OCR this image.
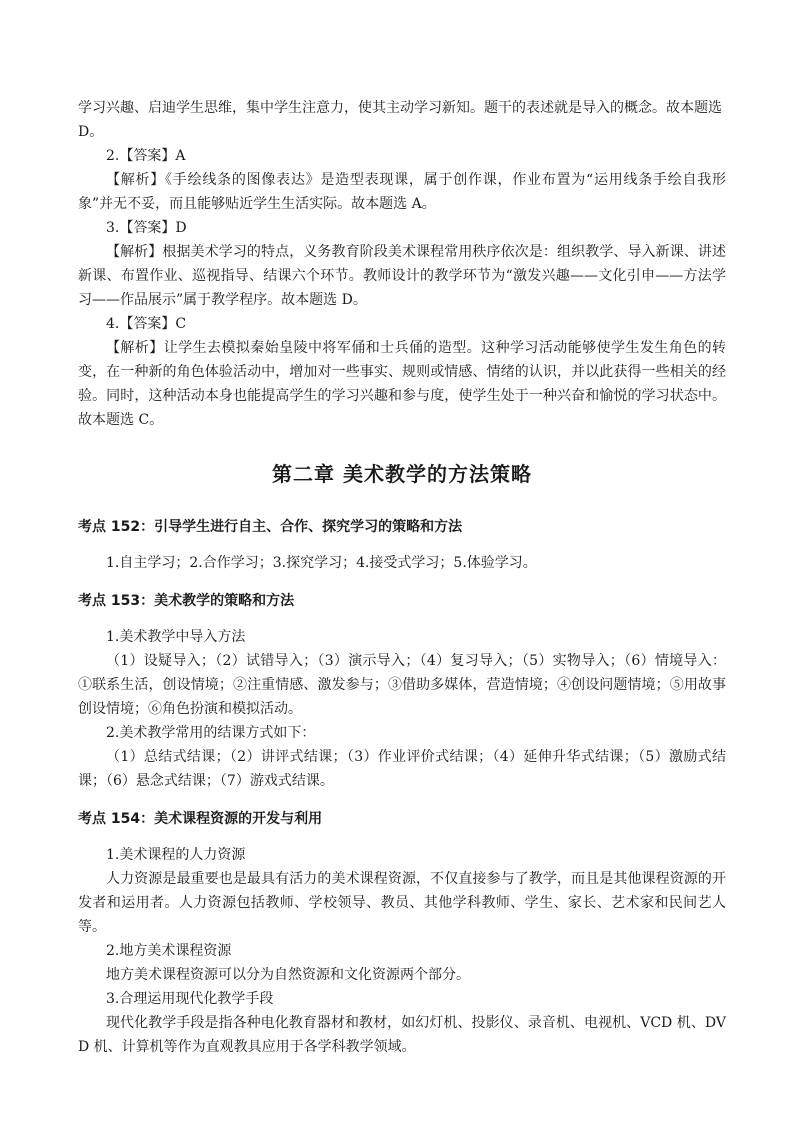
学习兴趣、启迪学生思维，集中学生注意力，使其主动学习新知。题干的表述就是导入的概念。故本题选

D。

2.【答案】A

【解析】《手绘线条的图像表达》是造型表现课，属于创作课，作业布置为“运用线条手绘自我形象”并无不妥，而且能够贴近学生生活实际。故本题选 A。

3.【答案】D

【解析】根据美术学习的特点，义务教育阶段美术课程常用秩序依次是：组织教学、导入新课、讲述新课、布置作业、巡视指导、结课六个环节。教师设计的教学环节为“激发兴趣——文化引申——方法学习——作品展示”属于教学程序。故本题选 D。

4.【答案】C

【解析】让学生去模拟秦始皇陵中将军俑和士兵俑的造型。这种学习活动能够使学生发生角色的转变，在一种新的角色体验活动中，增加对一些事实、规则或情感、情绪的认识，并以此获得一些相关的经验。同时，这种活动本身也能提高学生的学习兴趣和参与度，使学生处于一种兴奋和愉悦的学习状态中。故本题选 C。

第二章 美术教学的方法策略
考点 152：引导学生进行自主、合作、探究学习的策略和方法

1.自主学习；2.合作学习；3.探究学习；4.接受式学习；5.体验学习。

考点 153：美术教学的策略和方法

1.美术教学中导入方法

（1）设疑导入；（2）试错导入；（3）演示导入；（4）复习导入；（5）实物导入；（6）情境导入：①联系生活，创设情境；②注重情感、激发参与；③借助多媒体，营造情境；④创设问题情境；⑤用故事创设情境；⑥角色扮演和模拟活动。

2.美术教学常用的结课方式如下：

（1）总结式结课；（2）讲评式结课；（3）作业评价式结课；（4）延伸升华式结课；（5）激励式结课；（6）悬念式结课；（7）游戏式结课。

考点 154：美术课程资源的开发与利用

1.美术课程的人力资源

人力资源是最重要也是最具有活力的美术课程资源，不仅直接参与了教学，而且是其他课程资源的开发者和运用者。人力资源包括教师、学校领导、教员、其他学科教师、学生、家长、艺术家和民间艺人等。

2.地方美术课程资源

地方美术课程资源可以分为自然资源和文化资源两个部分。

3.合理运用现代化教学手段

现代化教学手段是指各种电化教育器材和教材，如幻灯机、投影仪、录音机、电视机、VCD 机、DVD 机、计算机等作为直观教具应用于各学科教学领域。
